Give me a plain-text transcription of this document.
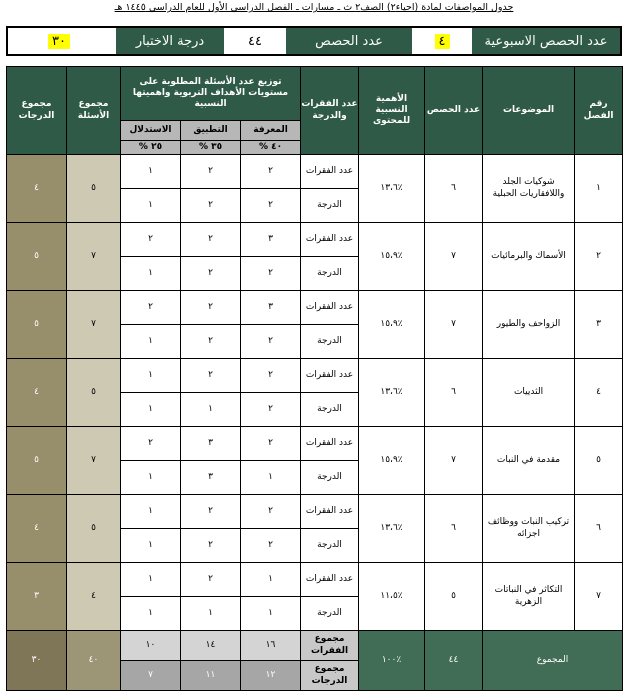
جدول المواصفات لمادة (احياء٢) الصف٢ ث ـ مسارات ـ الفصل الدراسي الأول للعام الدراسي ١٤٤٥ هـ
عدد الحصص الاسبوعية
٤
عدد الحصص
٤٤
درجة الاختبار
٣٠
رقم الفصل	الموضوعات	عدد الحصص	الأهمية النسبية للمحتوى	عدد الفقرات والدرجة	توزيع عدد الأسئلة المطلوبة على مستويات الأهداف التربوية واهميتها النسبية			مجموع الأسئلة	مجموع الدرجات
					المعرفة	التطبيق	الاستدلال		
					٤٠ %	٣٥ %	٢٥ %		
١	شوكيات الجلد واللافقاريات الحبلية	٦	٪١٣،٦	عدد الفقرات	٢	٢	١	٥	٤
				الدرجة	٢	٢	١		
٢	الأسماك والبرمائيات	٧	٪١٥،٩	عدد الفقرات	٣	٢	٢	٧	٥
				الدرجة	٢	٢	١		
٣	الزواحف والطيور	٧	٪١٥،٩	عدد الفقرات	٣	٢	٢	٧	٥
				الدرجة	٢	٢	١		
٤	الثدييات	٦	٪١٣،٦	عدد الفقرات	٢	٢	١	٥	٤
				الدرجة	٢	١	١		
٥	مقدمة في النبات	٧	٪١٥،٩	عدد الفقرات	٢	٣	٢	٧	٥
				الدرجة	١	٣	١		
٦	تركيب النبات ووظائف اجزائه	٦	٪١٣،٦	عدد الفقرات	٢	٢	١	٥	٤
				الدرجة	٢	٢	١		
٧	التكاثر في النباتات الزهرية	٥	٪١١،٥	عدد الفقرات	١	٢	١	٤	٣
				الدرجة	١	١	١		
المجموع		٤٤	٪١٠٠	مجموع الفقرات	١٦	١٤	١٠	٤٠	٣٠
				مجموع الدرجات	١٢	١١	٧		
